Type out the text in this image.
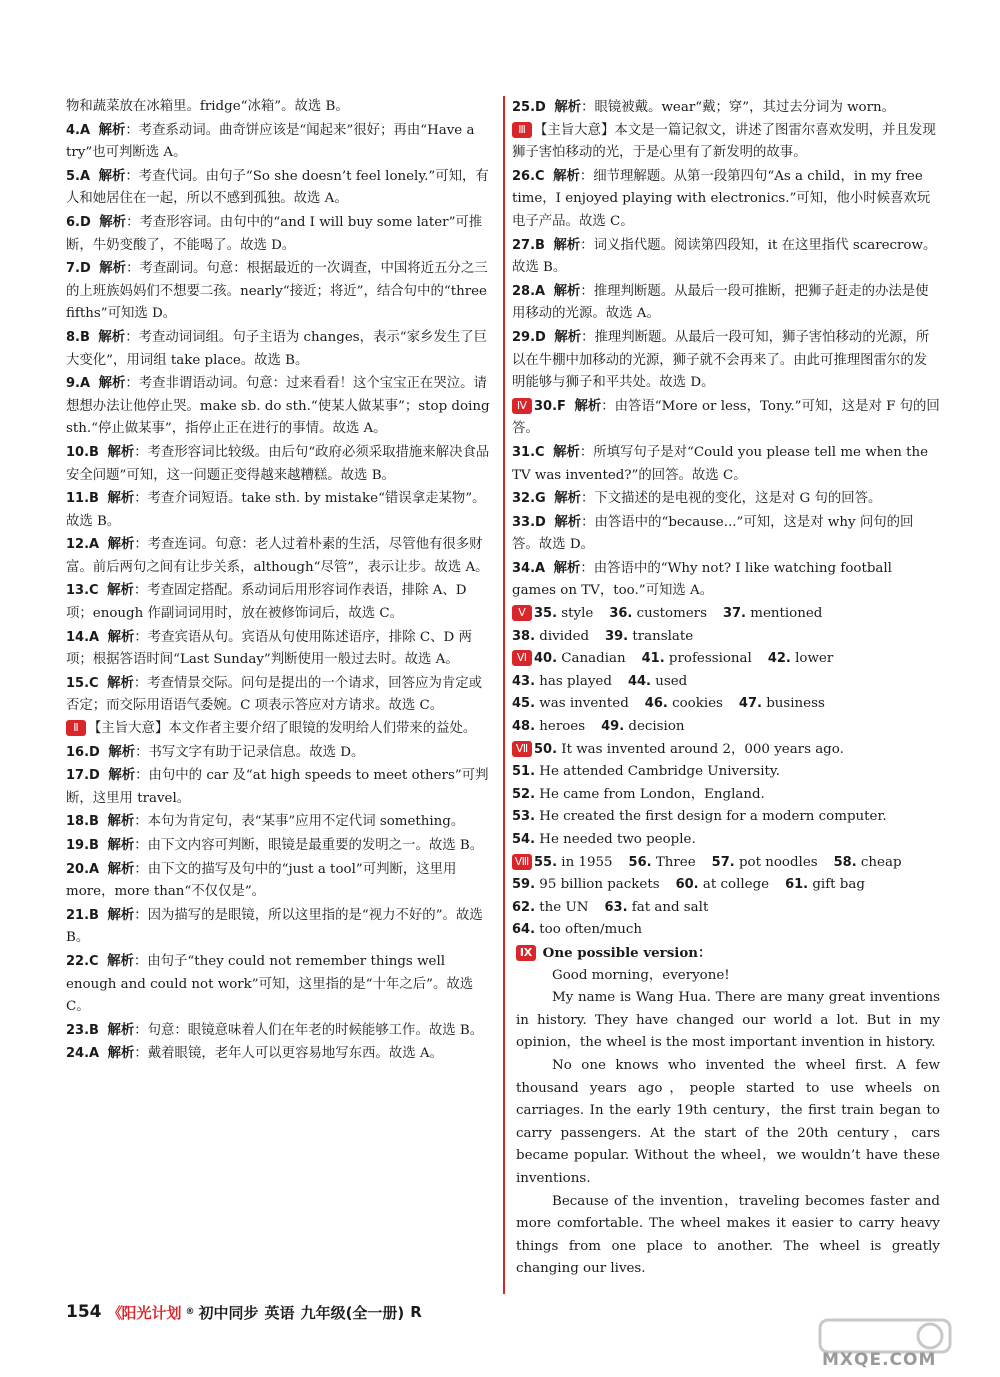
物和蔬菜放在冰箱里。fridge“冰箱”。故选 B。
4.A 解析：考查系动词。曲奇饼应该是“闻起来”很好；再由“Have a try”也可判断选 A。
5.A 解析：考查代词。由句子“So she doesn’t feel lonely.”可知，有人和她居住在一起，所以不感到孤独。故选 A。
6.D 解析：考查形容词。由句中的“and I will buy some later”可推断，牛奶变酸了，不能喝了。故选 D。
7.D 解析：考查副词。句意：根据最近的一次调查，中国将近五分之三的上班族妈妈们不想要二孩。nearly“接近；将近”，结合句中的“three fifths”可知选 D。
8.B 解析：考查动词词组。句子主语为 changes，表示“家乡发生了巨大变化”，用词组 take place。故选 B。
9.A 解析：考查非谓语动词。句意：过来看看！这个宝宝正在哭泣。请想想办法让他停止哭。make sb. do sth.“使某人做某事”；stop doing sth.“停止做某事”，指停止正在进行的事情。故选 A。
10.B 解析：考查形容词比较级。由后句“政府必须采取措施来解决食品安全问题”可知，这一问题正变得越来越糟糕。故选 B。
11.B 解析：考查介词短语。take sth. by mistake“错误拿走某物”。故选 B。
12.A 解析：考查连词。句意：老人过着朴素的生活，尽管他有很多财富。前后两句之间有让步关系，although“尽管”，表示让步。故选 A。
13.C 解析：考查固定搭配。系动词后用形容词作表语，排除 A、D 项；enough 作副词词用时，放在被修饰词后，故选 C。
14.A 解析：考查宾语从句。宾语从句使用陈述语序，排除 C、D 两项；根据答语时间“Last Sunday”判断使用一般过去时。故选 A。
15.C 解析：考查情景交际。问句是提出的一个请求，回答应为肯定或否定；而交际用语语气委婉。C 项表示答应对方请求。故选 C。
Ⅱ 【主旨大意】本文作者主要介绍了眼镜的发明给人们带来的益处。
16.D 解析：书写文字有助于记录信息。故选 D。
17.D 解析：由句中的 car 及“at high speeds to meet others”可判断，这里用 travel。
18.B 解析：本句为肯定句，表“某事”应用不定代词 something。
19.B 解析：由下文内容可判断，眼镜是最重要的发明之一。故选 B。
20.A 解析：由下文的描写及句中的“just a tool”可判断，这里用 more，more than“不仅仅是”。
21.B 解析：因为描写的是眼镜，所以这里指的是“视力不好的”。故选 B。
22.C 解析：由句子“they could not remember things well enough and could not work”可知，这里指的是“十年之后”。故选 C。
23.B 解析：句意：眼镜意味着人们在年老的时候能够工作。故选 B。
24.A 解析：戴着眼镜，老年人可以更容易地写东西。故选 A。
25.D 解析：眼镜被戴。wear“戴；穿”，其过去分词为 worn。
Ⅲ 【主旨大意】本文是一篇记叙文，讲述了图雷尔喜欢发明，并且发现狮子害怕移动的光，于是心里有了新发明的故事。
26.C 解析：细节理解题。从第一段第四句“As a child，in my free time，I enjoyed playing with electronics.”可知，他小时候喜欢玩电子产品。故选 C。
27.B 解析：词义指代题。阅读第四段知，it 在这里指代 scarecrow。故选 B。
28.A 解析：推理判断题。从最后一段可推断，把狮子赶走的办法是使用移动的光源。故选 A。
29.D 解析：推理判断题。从最后一段可知，狮子害怕移动的光源，所以在牛棚中加移动的光源，狮子就不会再来了。由此可推理图雷尔的发明能够与狮子和平共处。故选 D。
Ⅳ 30.F 解析：由答语“More or less，Tony.”可知，这是对 F 句的回答。
31.C 解析：所填写句子是对“Could you please tell me when the TV was invented?”的回答。故选 C。
32.G 解析：下文描述的是电视的变化，这是对 G 句的回答。
33.D 解析：由答语中的“because...”可知，这是对 why 问句的回答。故选 D。
34.A 解析：由答语中的“Why not? I like watching football games on TV，too.”可知选 A。
Ⅴ 35. style 36. customers 37. mentioned
38. divided 39. translate
Ⅵ 40. Canadian 41. professional 42. lower
43. has played 44. used
45. was invented 46. cookies 47. business
48. heroes 49. decision
Ⅶ 50. It was invented around 2，000 years ago.
51. He attended Cambridge University.
52. He came from London，England.
53. He created the first design for a modern computer.
54. He needed two people.
Ⅷ 55. in 1955 56. Three 57. pot noodles 58. cheap
59. 95 billion packets 60. at college 61. gift bag
62. the UN 63. fat and salt
64. too often/much
Ⅸ One possible version：

Good morning，everyone!

My name is Wang Hua. There are many great inventions in history. They have changed our world a lot. But in my opinion，the wheel is the most important invention in history.

No one knows who invented the wheel first. A few thousand years ago，people started to use wheels on carriages. In the early 19th century，the first train began to carry passengers. At the start of the 20th century，cars became popular. Without the wheel，we wouldn’t have these inventions.

Because of the invention，traveling becomes faster and more comfortable. The wheel makes it easier to carry heavy things from one place to another. The wheel is greatly changing our lives.

154 《 阳光计划 ® 初中同步 英语 九年级(全一册) R
MXQE.COM
